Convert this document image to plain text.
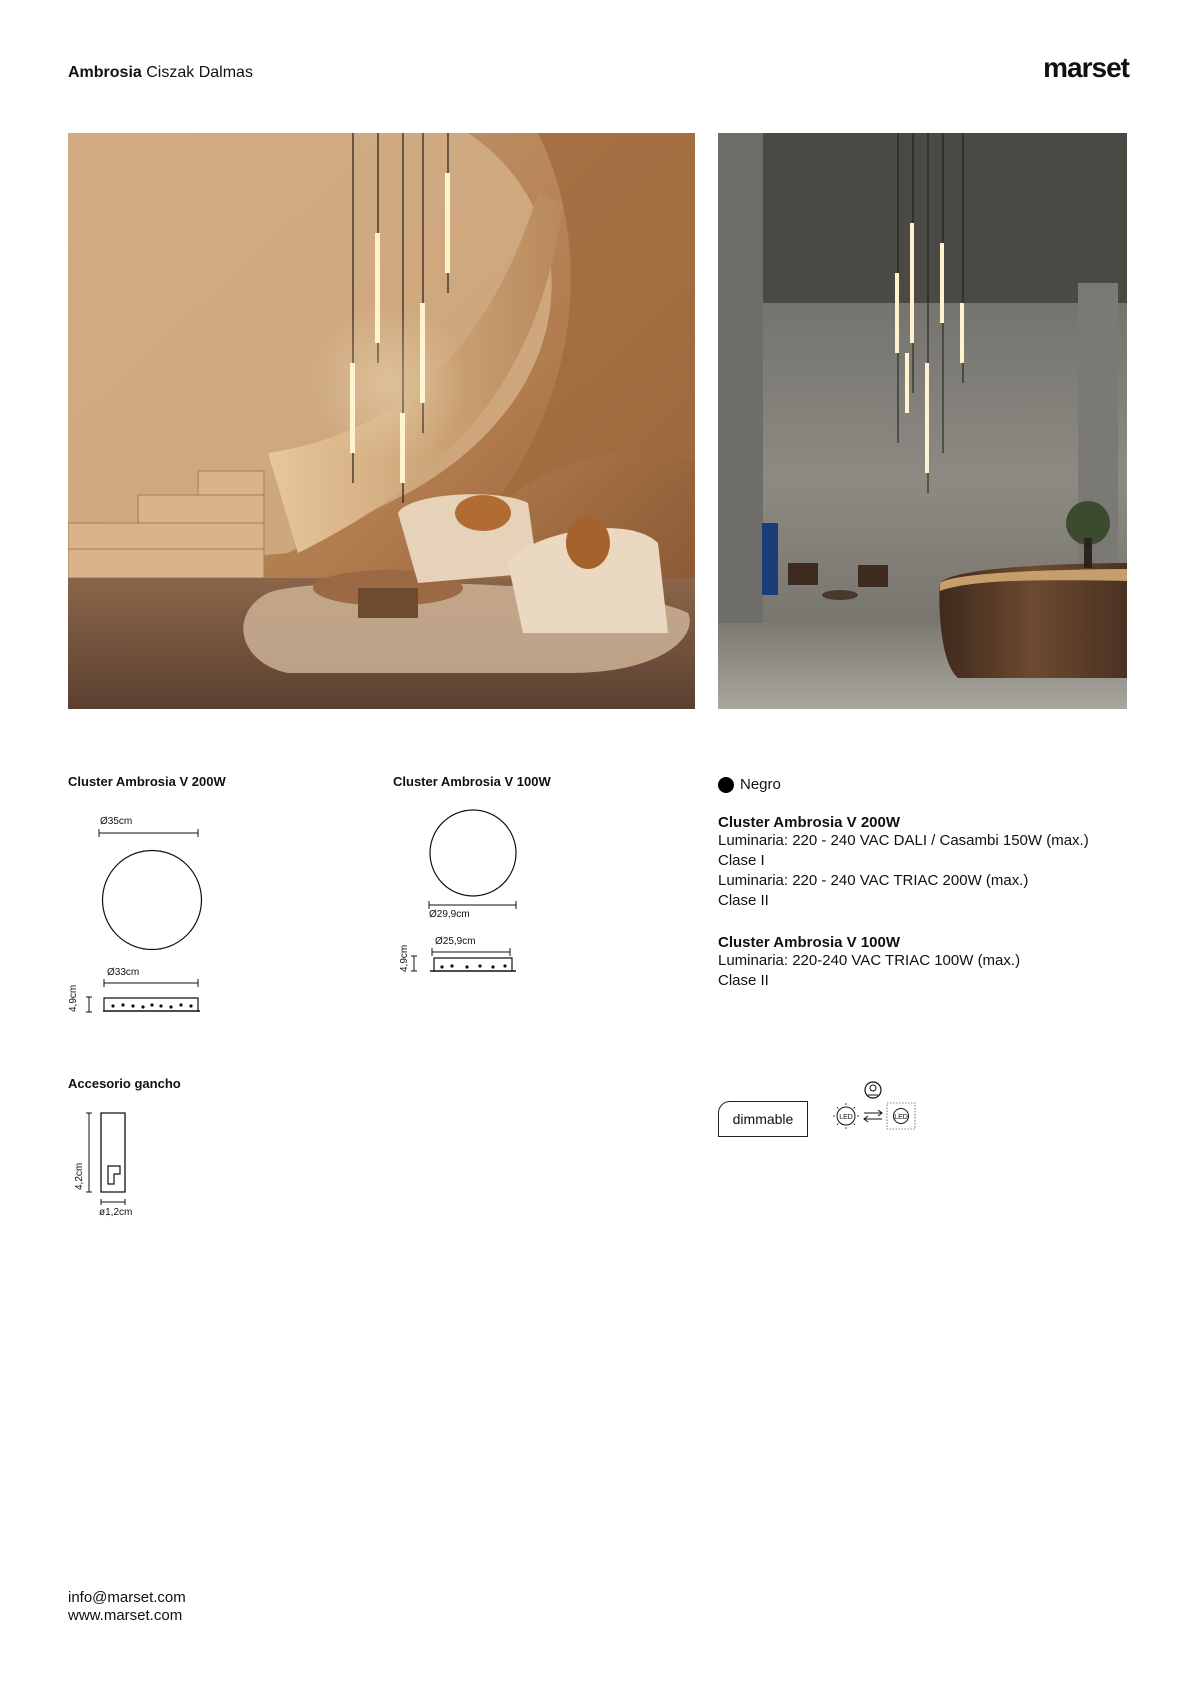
Ambrosia Ciszak Dalmas	marset
Cluster Ambrosia V 200W
Ø35cm
Ø33cm
4,9cm
Cluster Ambrosia V 100W
Ø29,9cm
Ø25,9cm
4,9cm
Accesorio gancho
4,2cm
ø1,2cm
Negro
Cluster Ambrosia V 200W
Luminaria: 220 - 240 VAC DALI / Casambi 150W (max.)
Clase I
Luminaria: 220 - 240 VAC TRIAC 200W (max.)
Clase II
Cluster Ambrosia V 100W
Luminaria: 220-240 VAC TRIAC 100W (max.)
Clase II
dimmable	LED	LED
info@marset.com
www.marset.com
